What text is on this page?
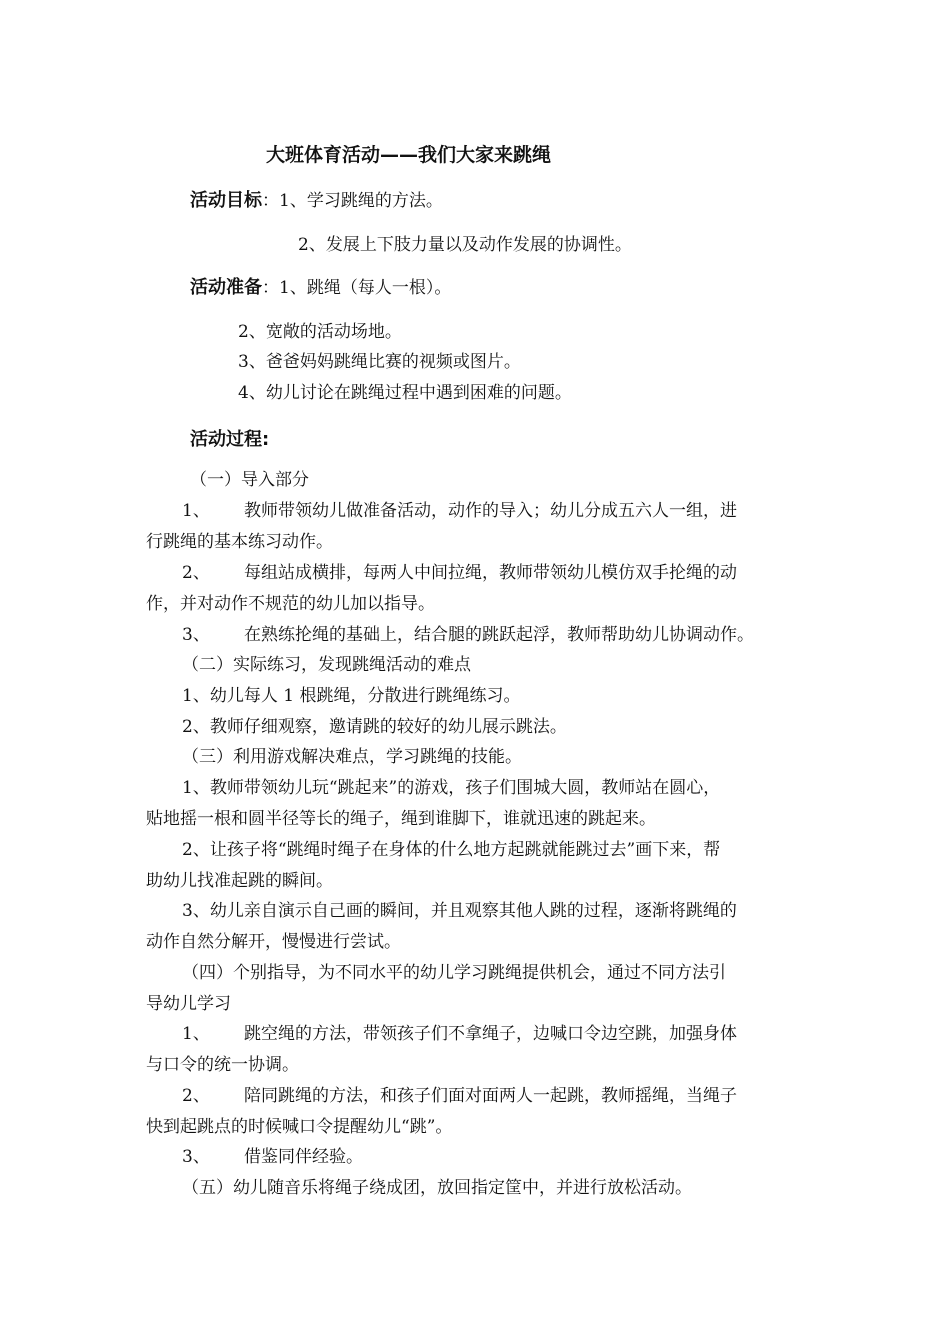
大班体育活动——我们大家来跳绳
活动目标：1、学习跳绳的方法。
2、发展上下肢力量以及动作发展的协调性。
活动准备：1、跳绳（每人一根）。
2、宽敞的活动场地。
3、爸爸妈妈跳绳比赛的视频或图片。
4、幼儿讨论在跳绳过程中遇到困难的问题。
活动过程:
（一）导入部分
1、 教师带领幼儿做准备活动，动作的导入；幼儿分成五六人一组，进
行跳绳的基本练习动作。
2、 每组站成横排，每两人中间拉绳，教师带领幼儿模仿双手抡绳的动
作，并对动作不规范的幼儿加以指导。
3、 在熟练抡绳的基础上，结合腿的跳跃起浮，教师帮助幼儿协调动作。
（二）实际练习，发现跳绳活动的难点
1、幼儿每人 1 根跳绳，分散进行跳绳练习。
2、教师仔细观察，邀请跳的较好的幼儿展示跳法。
（三）利用游戏解决难点，学习跳绳的技能。
1、教师带领幼儿玩“跳起来”的游戏，孩子们围城大圆，教师站在圆心，
贴地摇一根和圆半径等长的绳子，绳到谁脚下，谁就迅速的跳起来。
2、让孩子将“跳绳时绳子在身体的什么地方起跳就能跳过去”画下来，帮
助幼儿找准起跳的瞬间。
3、幼儿亲自演示自己画的瞬间，并且观察其他人跳的过程，逐渐将跳绳的
动作自然分解开，慢慢进行尝试。
（四）个别指导，为不同水平的幼儿学习跳绳提供机会，通过不同方法引
导幼儿学习
1、 跳空绳的方法，带领孩子们不拿绳子，边喊口令边空跳，加强身体
与口令的统一协调。
2、 陪同跳绳的方法，和孩子们面对面两人一起跳，教师摇绳，当绳子
快到起跳点的时候喊口令提醒幼儿“跳”。
3、 借鉴同伴经验。
（五）幼儿随音乐将绳子绕成团，放回指定筐中，并进行放松活动。
